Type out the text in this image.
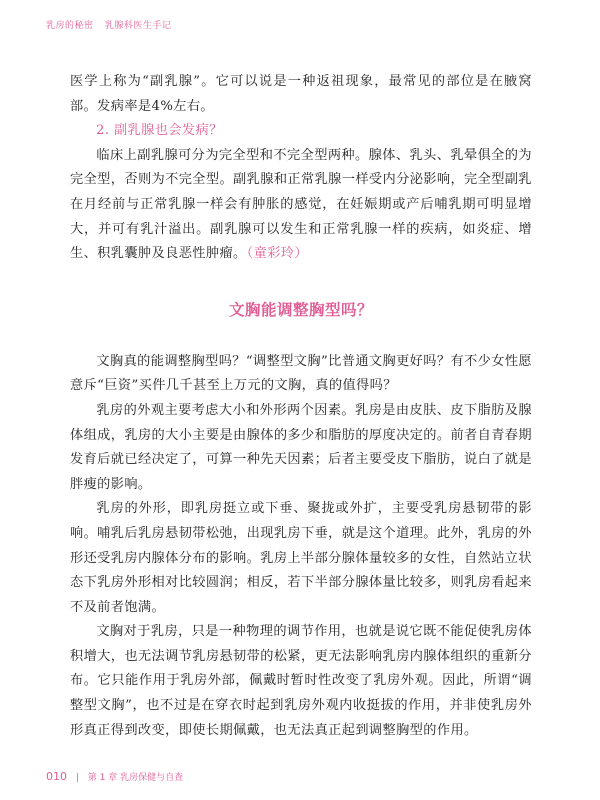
乳房的秘密 乳腺科医生手记

医学上称为“副乳腺”。它可以说是一种返祖现象，最常见的部位是在腋窝部。发病率是4%左右。

2. 副乳腺也会发病？

临床上副乳腺可分为完全型和不完全型两种。腺体、乳头、乳晕俱全的为完全型，否则为不完全型。副乳腺和正常乳腺一样受内分泌影响，完全型副乳在月经前与正常乳腺一样会有肿胀的感觉，在妊娠期或产后哺乳期可明显增大，并可有乳汁溢出。副乳腺可以发生和正常乳腺一样的疾病，如炎症、增生、积乳囊肿及良恶性肿瘤。（童彩玲）

文胸能调整胸型吗？

文胸真的能调整胸型吗？“调整型文胸”比普通文胸更好吗？有不少女性愿意斥“巨资”买件几千甚至上万元的文胸，真的值得吗？

乳房的外观主要考虑大小和外形两个因素。乳房是由皮肤、皮下脂肪及腺体组成，乳房的大小主要是由腺体的多少和脂肪的厚度决定的。前者自青春期发育后就已经决定了，可算一种先天因素；后者主要受皮下脂肪，说白了就是胖瘦的影响。

乳房的外形，即乳房挺立或下垂、聚拢或外扩，主要受乳房悬韧带的影响。哺乳后乳房悬韧带松弛，出现乳房下垂，就是这个道理。此外，乳房的外形还受乳房内腺体分布的影响。乳房上半部分腺体量较多的女性，自然站立状态下乳房外形相对比较圆润；相反，若下半部分腺体量比较多，则乳房看起来不及前者饱满。

文胸对于乳房，只是一种物理的调节作用，也就是说它既不能促使乳房体积增大，也无法调节乳房悬韧带的松紧，更无法影响乳房内腺体组织的重新分布。它只能作用于乳房外部，佩戴时暂时性改变了乳房外观。因此，所谓“调整型文胸”，也不过是在穿衣时起到乳房外观内收挺拔的作用，并非使乳房外形真正得到改变，即使长期佩戴，也无法真正起到调整胸型的作用。

010 | 第 1 章 乳房保健与自查
